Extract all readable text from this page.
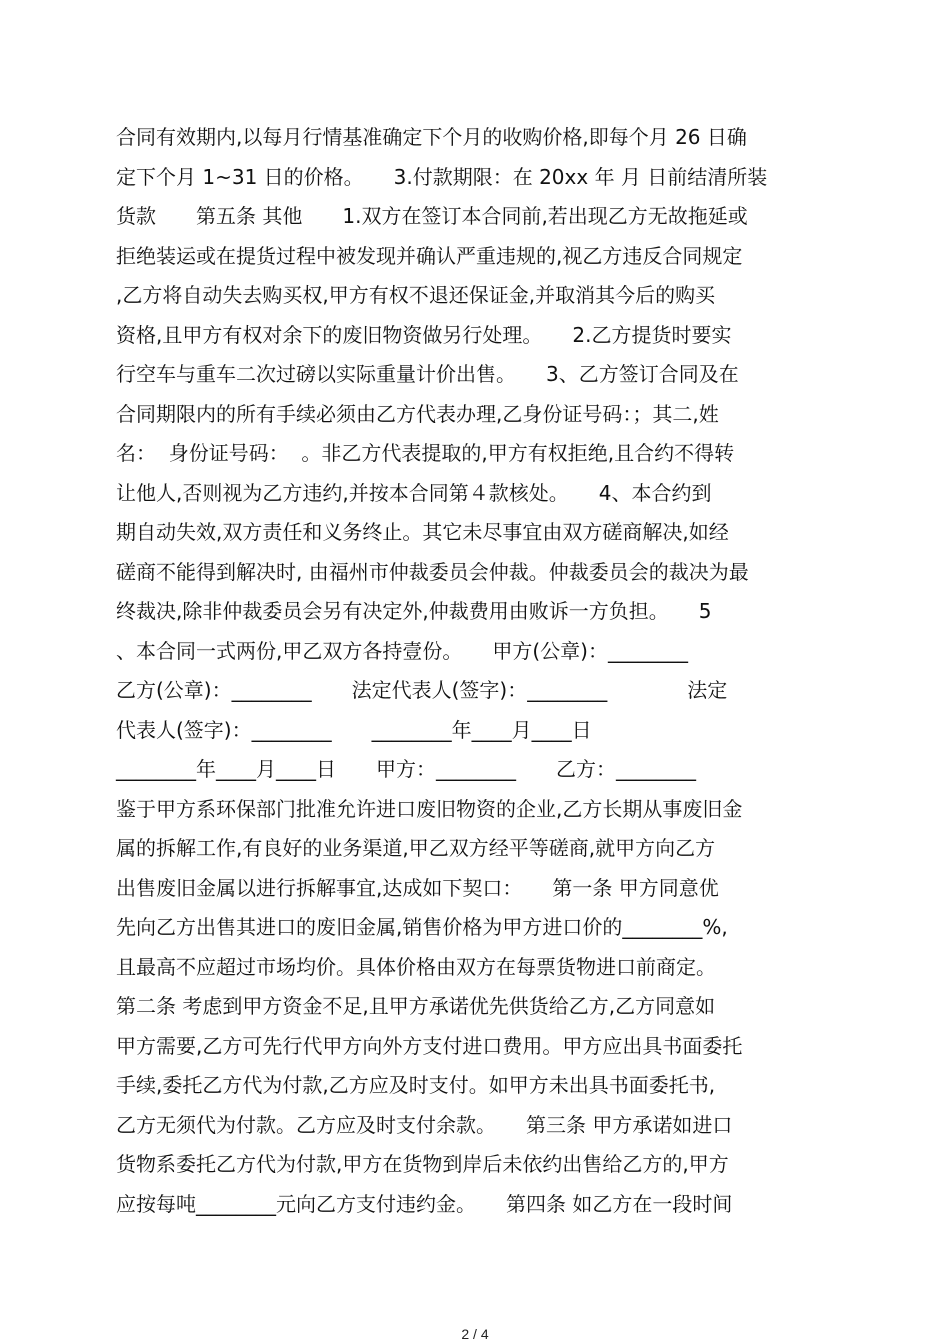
合同有效期内,以每月行情基准确定下个月的收购价格,即每个月 26 日确
定下个月 1~31 日的价格。　　3.付款期限：在 20xx 年 月 日前结清所装
货款　　第五条 其他　　1.双方在签订本合同前,若出现乙方无故拖延或
拒绝装运或在提货过程中被发现并确认严重违规的,视乙方违反合同规定
,乙方将自动失去购买权,甲方有权不退还保证金,并取消其今后的购买
资格,且甲方有权对余下的废旧物资做另行处理。　　2.乙方提货时要实
行空车与重车二次过磅以实际重量计价出售。　　3、乙方签订合同及在
合同期限内的所有手续必须由乙方代表办理,乙身份证号码：；其二,姓
名：  身份证号码：  。非乙方代表提取的,甲方有权拒绝,且合约不得转
让他人,否则视为乙方违约,并按本合同第４款核处。　　4、本合约到
期自动失效,双方责任和义务终止。其它未尽事宜由双方磋商解决,如经
磋商不能得到解决时, 由福州市仲裁委员会仲裁。仲裁委员会的裁决为最
终裁决,除非仲裁委员会另有决定外,仲裁费用由败诉一方负担。　　5
、本合同一式两份,甲乙双方各持壹份。　　甲方(公章)：________
乙方(公章)：________　　法定代表人(签字)：________　　　　法定
代表人(签字)：________　　________年____月____日
________年____月____日　　甲方：________　　乙方：________
鉴于甲方系环保部门批准允许进口废旧物资的企业,乙方长期从事废旧金
属的拆解工作,有良好的业务渠道,甲乙双方经平等磋商,就甲方向乙方
出售废旧金属以进行拆解事宜,达成如下契口：　　第一条 甲方同意优
先向乙方出售其进口的废旧金属,销售价格为甲方进口价的________%,
且最高不应超过市场均价。具体价格由双方在每票货物进口前商定。
第二条 考虑到甲方资金不足,且甲方承诺优先供货给乙方,乙方同意如
甲方需要,乙方可先行代甲方向外方支付进口费用。甲方应出具书面委托
手续,委托乙方代为付款,乙方应及时支付。如甲方未出具书面委托书,
乙方无须代为付款。乙方应及时支付余款。　　第三条 甲方承诺如进口
货物系委托乙方代为付款,甲方在货物到岸后未依约出售给乙方的,甲方
应按每吨________元向乙方支付违约金。　　第四条 如乙方在一段时间
2 / 4
